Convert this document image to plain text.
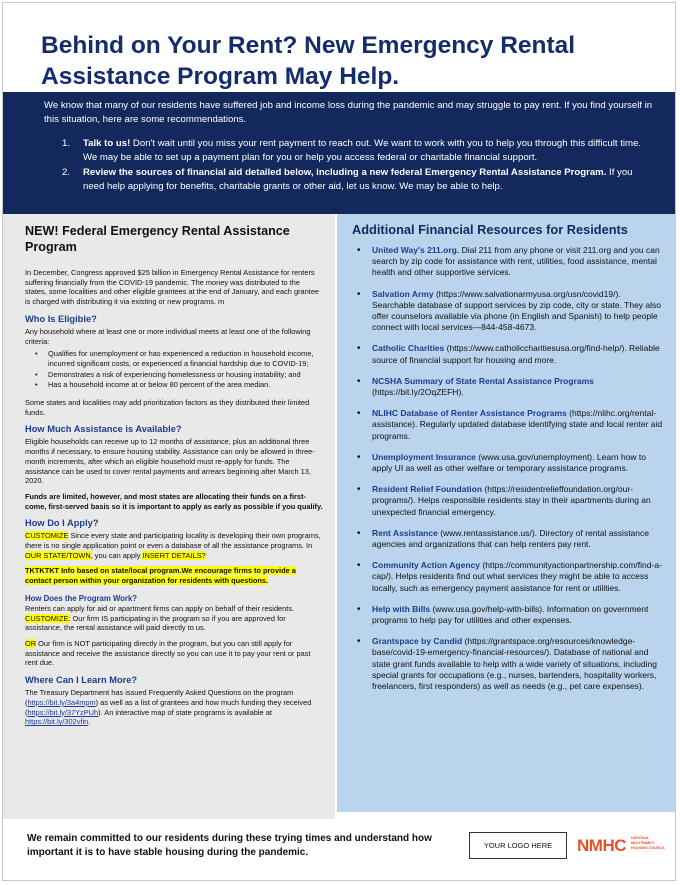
Behind on Your Rent? New Emergency Rental Assistance Program May Help.

We know that many of our residents have suffered job and income loss during the pandemic and may struggle to pay rent. If you find yourself in this situation, here are some recommendations.

1. Talk to us! Don't wait until you miss your rent payment to reach out. We want to work with you to help you through this difficult time. We may be able to set up a payment plan for you or help you access federal or charitable financial support.
2. Review the sources of financial aid detailed below, including a new federal Emergency Rental Assistance Program. If you need help applying for benefits, charitable grants or other aid, let us know. We may be able to help.
NEW! Federal Emergency Rental Assistance Program

In December, Congress approved $25 billion in Emergency Rental Assistance for renters suffering financially from the COVID-19 pandemic. The money was distributed to the states, some localities and other eligible grantees at the end of January, and each grantee is charged with distributing it via existing or new programs. m

Who Is Eligible?

Any household where at least one or more individual meets at least one of the following criteria:

• Qualifies for unemployment or has experienced a reduction in household income, incurred significant costs, or experienced a financial hardship due to COVID-19;
• Demonstrates a risk of experiencing homelessness or housing instability; and
• Has a household income at or below 80 percent of the area median.

Some states and localities may add prioritization factors as they distributed their limited funds.

How Much Assistance is Available?

Eligible households can receive up to 12 months of assistance, plus an additional three months if necessary, to ensure housing stability. Assistance can only be allowed in three-month increments, after which an eligible household must re-apply for funds. The assistance can be used to cover rental payments and arrears beginning after March 13, 2020.

Funds are limited, however, and most states are allocating their funds on a first-come, first-served basis so it is important to apply as early as possible if you qualify.

How Do I Apply?

CUSTOMIZE Since every state and participating locality is developing their own programs, there is no single application point or even a database of all the assistance programs. In OUR STATE/TOWN, you can apply INSERT DETAILS?

TKTKTKT Info based on state/local program.We encourage firms to provide a contact person within your organization for residents with questions.

How Does the Program Work?

Renters can apply for aid or apartment firms can apply on behalf of their residents. CUSTOMIZE: Our firm IS participating in the program so if you are approved for assistance, the rental assistance will paid directly to us.

OR Our firm is NOT participating directly in the program, but you can still apply for assistance and receive the assistance directly so you can use it to pay your rent or past rent due.

Where Can I Learn More?

The Treasury Department has issued Frequently Asked Questions on the program (https://bit.ly/3a4mpm) as well as a list of grantees and how much funding they received (https://bit.ly/37YzPUh). An interactive map of state programs is available at https://bit.ly/302vfin.

Additional Financial Resources for Residents
• United Way's 211.org. Dial 211 from any phone or visit 211.org and you can search by zip code for assistance with rent, utilities, food assistance, mental health and other supportive services.
• Salvation Army (https://www.salvationarmyusa.org/usn/covid19/). Searchable database of support services by zip code, city or state. They also offer counselors available via phone (in English and Spanish) to help people connect with local services—844-458-4673.
• Catholic Charities (https://www.catholiccharitiesusa.org/find-help/). Reliable source of financial support for housing and more.
• NCSHA Summary of State Rental Assistance Programs (https://bit.ly/2OqZEFH).
• NLIHC Database of Renter Assistance Programs (https://nlihc.org/rental-assistance). Regularly updated database identifying state and local renter aid programs.
• Unemployment Insurance (www.usa.gov/unemployment). Learn how to apply UI as well as other welfare or temporary assistance programs.
• Resident Relief Foundation (https://residentrelieffoundation.org/our-programs/). Helps responsible residents stay in their apartments during an unexpected financial emergency.
• Rent Assistance (www.rentassistance.us/). Directory of rental assistance agencies and organizations that can help renters pay rent.
• Community Action Agency (https://communityactionpartnership.com/find-a-cap/). Helps residents find out what services they might be able to access locally, such as emergency payment assistance for rent or utilities.
• Help with Bills (www.usa.gov/help-with-bills). Information on government programs to help pay for utilities and other expenses.
• Grantspace by Candid (https://grantspace.org/resources/knowledge-base/covid-19-emergency-financial-resources/). Database of national and state grant funds available to help with a wide variety of situations, including special grants for occupations (e.g., nurses, bartenders, hospitality workers, freelancers, first responders) as well as needs (e.g., pet care expenses).

We remain committed to our residents during these trying times and understand how important it is to have stable housing during the pandemic.

YOUR LOGO HERE	NMHC NATIONAL MULTIFAMILY HOUSING COUNCIL
